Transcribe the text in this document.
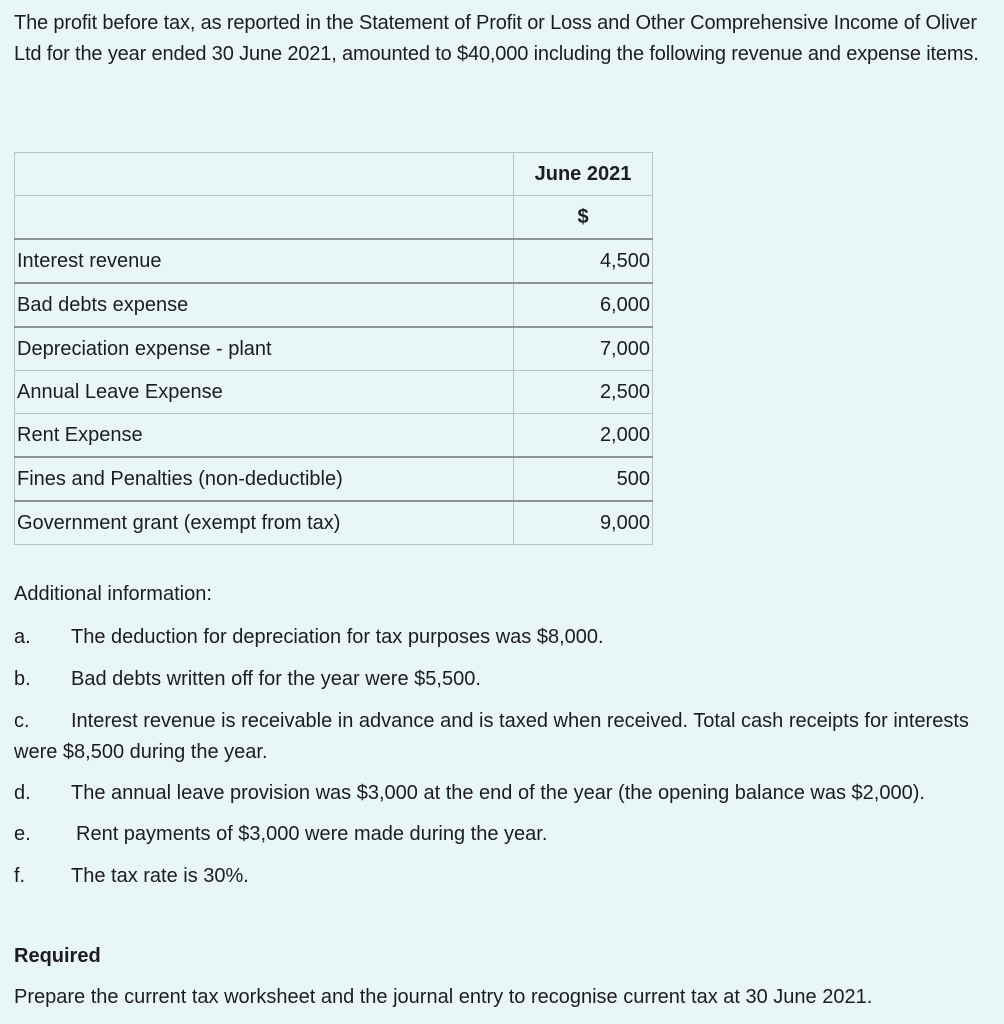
The profit before tax, as reported in the Statement of Profit or Loss and Other Comprehensive Income of Oliver Ltd for the year ended 30 June 2021, amounted to $40,000 including the following revenue and expense items.

	June 2021
	$
Interest revenue	4,500
Bad debts expense	6,000
Depreciation expense - plant	7,000
Annual Leave Expense	2,500
Rent Expense	2,000
Fines and Penalties (non-deductible)	500
Government grant (exempt from tax)	9,000

Additional information:

a. The deduction for depreciation for tax purposes was $8,000.

b. Bad debts written off for the year were $5,500.

c. Interest revenue is receivable in advance and is taxed when received. Total cash receipts for interests were $8,500 during the year.

d. The annual leave provision was $3,000 at the end of the year (the opening balance was $2,000).

e. Rent payments of $3,000 were made during the year.

f. The tax rate is 30%.

Required

Prepare the current tax worksheet and the journal entry to recognise current tax at 30 June 2021.
